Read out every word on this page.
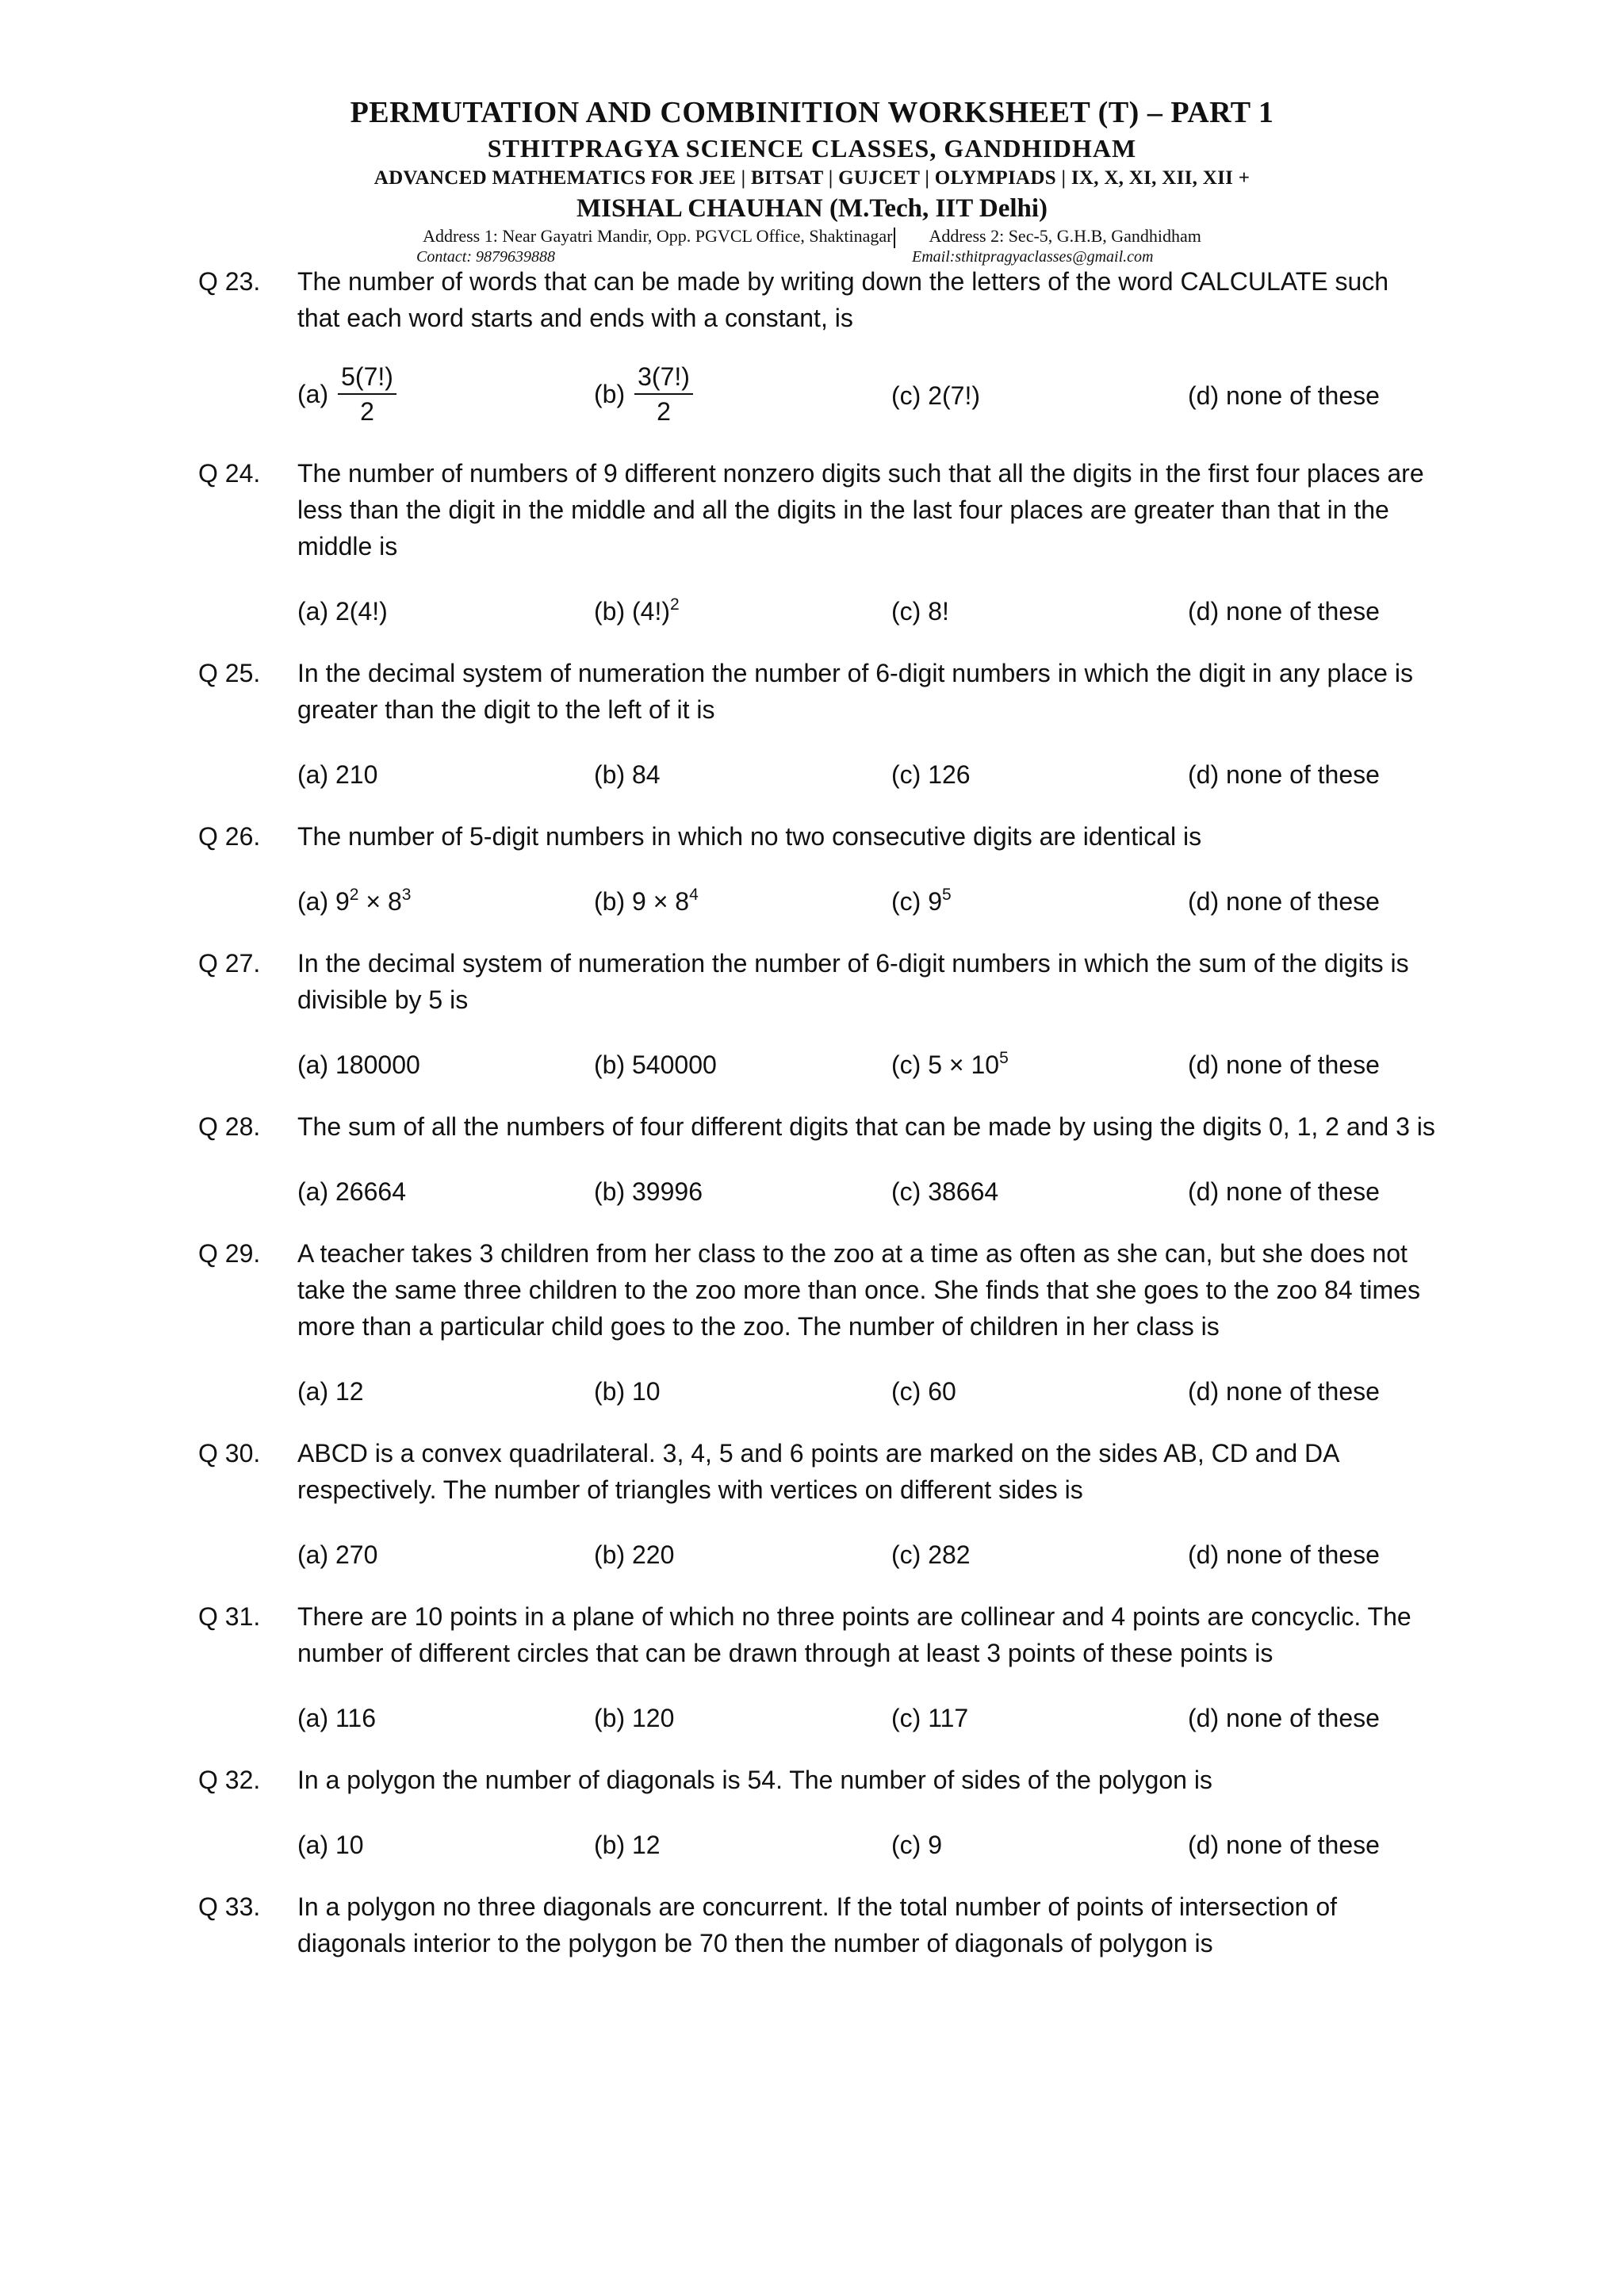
PERMUTATION AND COMBINITION WORKSHEET (T) – PART 1
STHITPRAGYA SCIENCE CLASSES, GANDHIDHAM
ADVANCED MATHEMATICS FOR JEE | BITSAT | GUJCET | OLYMPIADS | IX, X, XI, XII, XII +
MISHAL CHAUHAN (M.Tech, IIT Delhi)
Address 1: Near Gayatri Mandir, Opp. PGVCL Office, Shaktinagar Address 2: Sec-5, G.H.B, Gandhidham
Contact: 9879639888	Email:sthitpragyaclasses@gmail.com
Q 23. The number of words that can be made by writing down the letters of the word CALCULATE such that each word starts and ends with a constant, is
$(a) \frac{5(7!)}{2}$	$(b) \frac{3(7!)}{2}$	(c) 2(7!)	(d) none of these
Q 24. The number of numbers of 9 different nonzero digits such that all the digits in the first four places are less than the digit in the middle and all the digits in the last four places are greater than that in the middle is
(a) 2(4!)	(b) $(4!)^2$	(c) 8!	(d) none of these
Q 25. In the decimal system of numeration the number of 6-digit numbers in which the digit in any place is greater than the digit to the left of it is
(a) 210	(b) 84	(c) 126	(d) none of these
Q 26. The number of 5-digit numbers in which no two consecutive digits are identical is
(a) $9^2 \times 8^3$	(b) $9 \times 8^4$	(c) $9^5$	(d) none of these
Q 27. In the decimal system of numeration the number of 6-digit numbers in which the sum of the digits is divisible by 5 is
(a) 180000	(b) 540000	(c) $5 \times 10^5$	(d) none of these
Q 28. The sum of all the numbers of four different digits that can be made by using the digits 0, 1, 2 and 3 is
(a) 26664	(b) 39996	(c) 38664	(d) none of these
Q 29. A teacher takes 3 children from her class to the zoo at a time as often as she can, but she does not take the same three children to the zoo more than once. She finds that she goes to the zoo 84 times more than a particular child goes to the zoo. The number of children in her class is
(a) 12	(b) 10	(c) 60	(d) none of these
Q 30. ABCD is a convex quadrilateral. 3, 4, 5 and 6 points are marked on the sides AB, CD and DA respectively. The number of triangles with vertices on different sides is
(a) 270	(b) 220	(c) 282	(d) none of these
Q 31. There are 10 points in a plane of which no three points are collinear and 4 points are concyclic. The number of different circles that can be drawn through at least 3 points of these points is
(a) 116	(b) 120	(c) 117	(d) none of these
Q 32. In a polygon the number of diagonals is 54. The number of sides of the polygon is
(a) 10	(b) 12	(c) 9	(d) none of these
Q 33. In a polygon no three diagonals are concurrent. If the total number of points of intersection of diagonals interior to the polygon be 70 then the number of diagonals of polygon is
